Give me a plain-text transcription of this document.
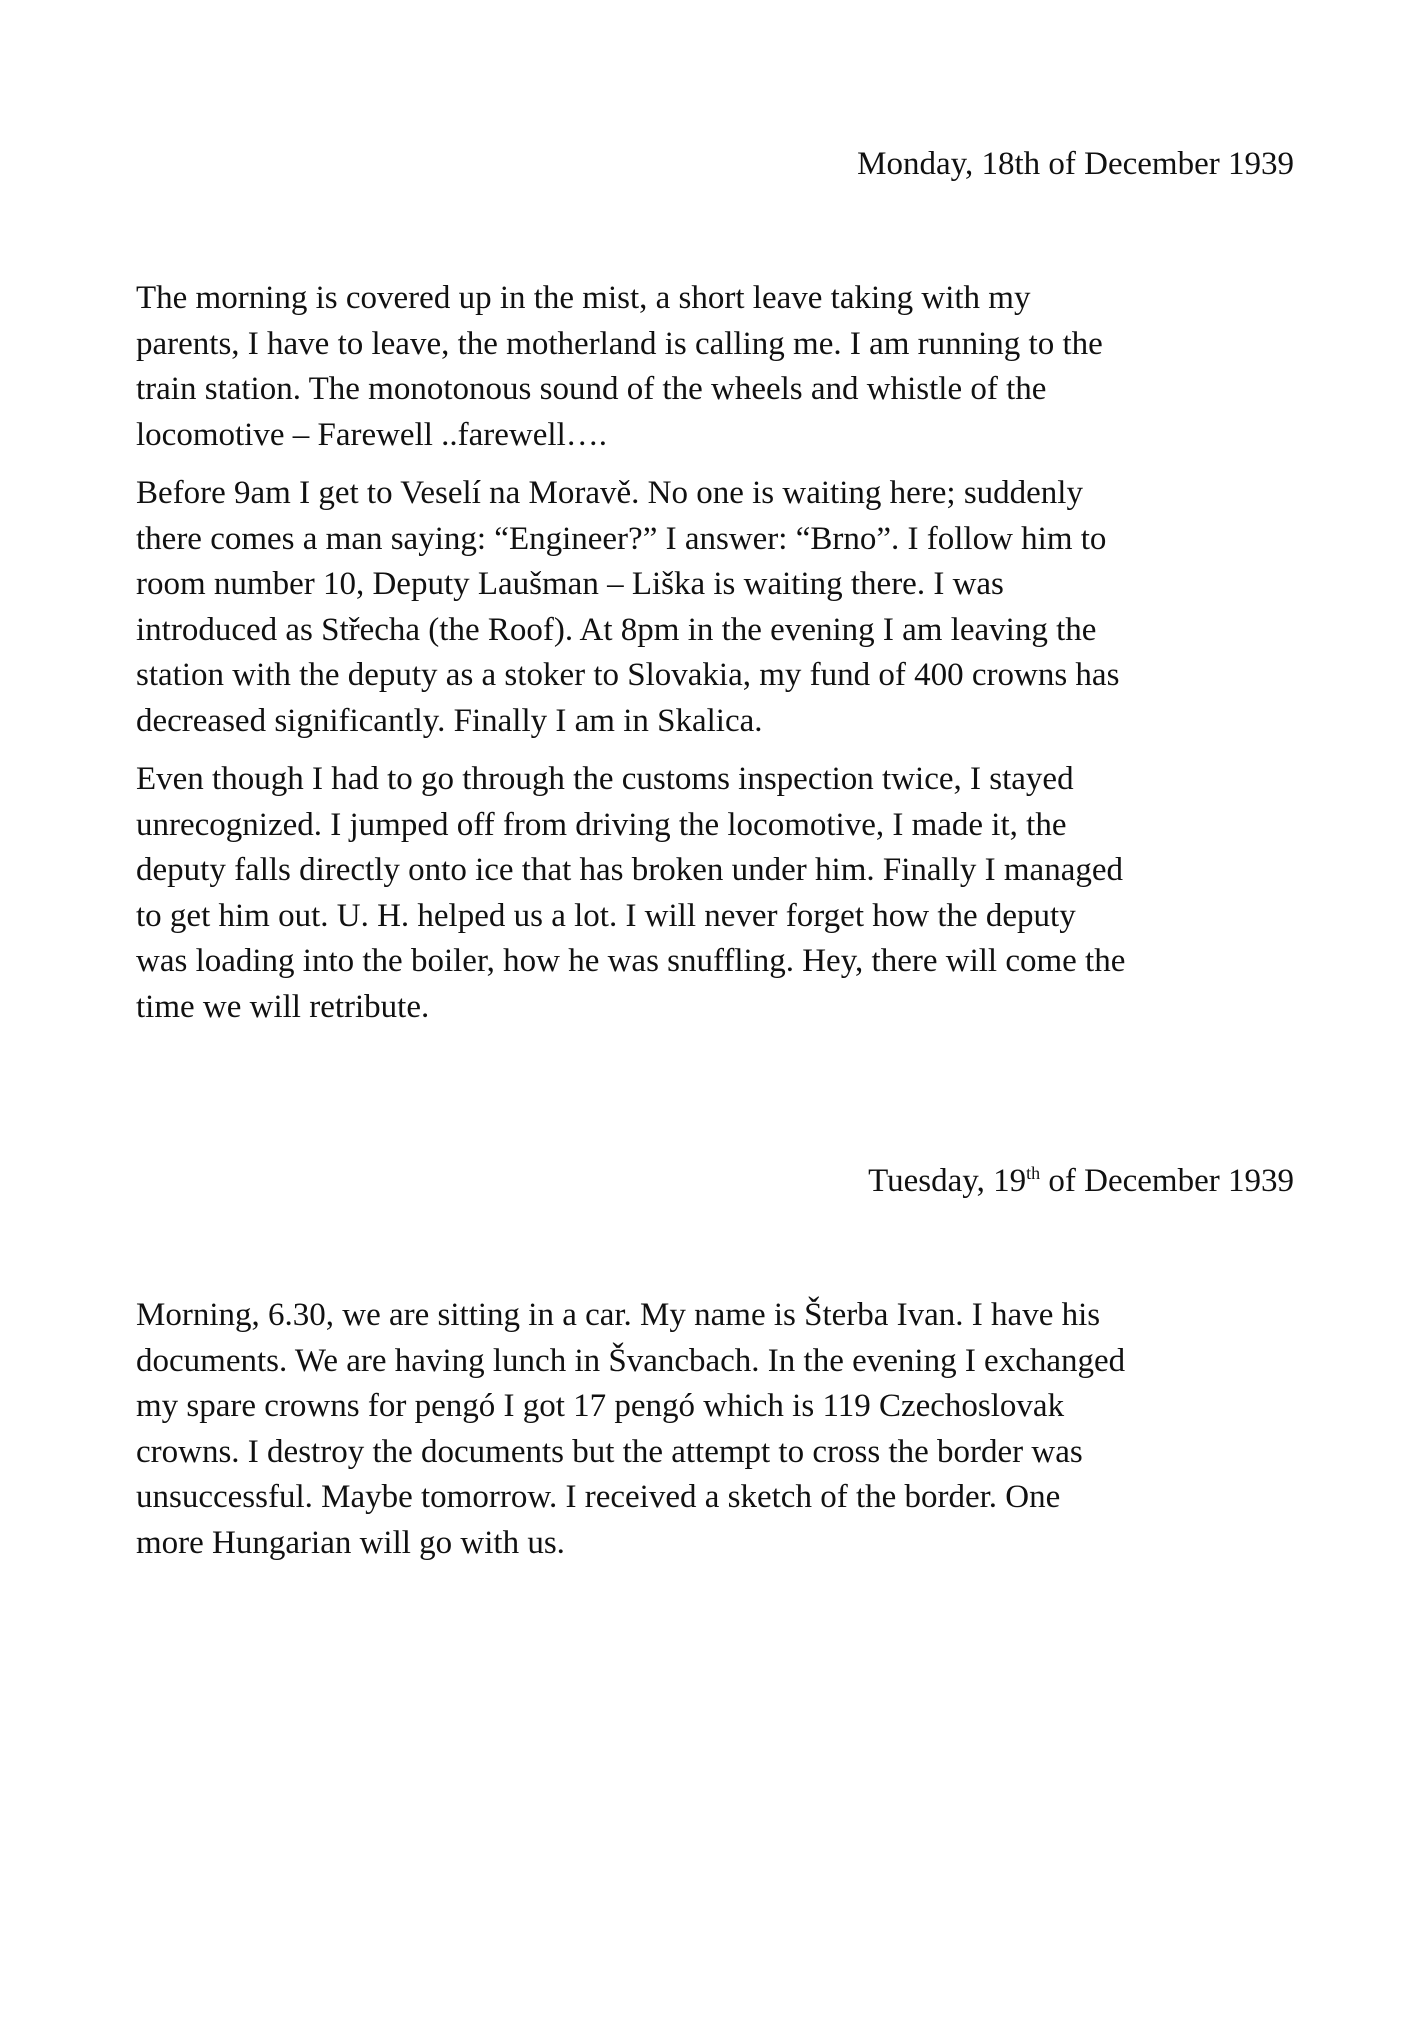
Monday, 18th of December 1939

The morning is covered up in the mist, a short leave taking with my
parents, I have to leave, the motherland is calling me. I am running to the
train station. The monotonous sound of the wheels and whistle of the
locomotive – Farewell ..farewell….

Before 9am I get to Veselí na Moravě. No one is waiting here; suddenly
there comes a man saying: “Engineer?” I answer: “Brno”. I follow him to
room number 10, Deputy Laušman – Liška is waiting there. I was
introduced as Střecha (the Roof). At 8pm in the evening I am leaving the
station with the deputy as a stoker to Slovakia, my fund of 400 crowns has
decreased significantly. Finally I am in Skalica.

Even though I had to go through the customs inspection twice, I stayed
unrecognized. I jumped off from driving the locomotive, I made it, the
deputy falls directly onto ice that has broken under him. Finally I managed
to get him out. U. H. helped us a lot. I will never forget how the deputy
was loading into the boiler, how he was snuffling. Hey, there will come the
time we will retribute.

Tuesday, 19th of December 1939

Morning, 6.30, we are sitting in a car. My name is Šterba Ivan. I have his
documents. We are having lunch in Švancbach. In the evening I exchanged
my spare crowns for pengó I got 17 pengó which is 119 Czechoslovak
crowns. I destroy the documents but the attempt to cross the border was
unsuccessful. Maybe tomorrow. I received a sketch of the border. One
more Hungarian will go with us.
